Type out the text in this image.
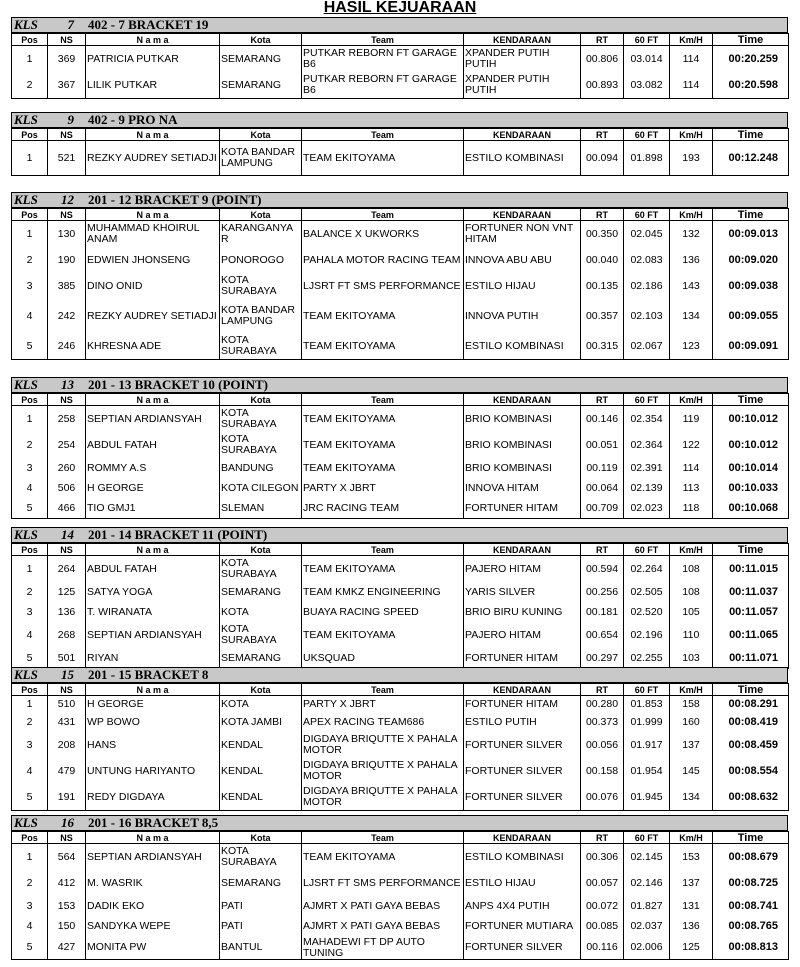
HASIL KEJUARAAN
KLS	7 402 - 7 BRACKET 19
Pos	NS	N a m a	Kota	Team	KENDARAAN	RT	60 FT	Km/H	Time
1	369	PATRICIA PUTKAR	SEMARANG	PUTKAR REBORN FT GARAGE B6	XPANDER PUTIH PUTIH	00.806	03.014	114	00:20.259
2	367	LILIK PUTKAR	SEMARANG	PUTKAR REBORN FT GARAGE B6	XPANDER PUTIH PUTIH	00.893	03.082	114	00:20.598
KLS	9 402 - 9 PRO NA
Pos	NS	N a m a	Kota	Team	KENDARAAN	RT	60 FT	Km/H	Time
1	521	REZKY AUDREY SETIADJI	KOTA BANDAR LAMPUNG	TEAM EKITOYAMA	ESTILO KOMBINASI	00.094	01.898	193	00:12.248
KLS 12 201 - 12 BRACKET 9 (POINT)
Pos	NS	N a m a	Kota	Team	KENDARAAN	RT	60 FT	Km/H	Time
1	130	MUHAMMAD KHOIRUL ANAM	KARANGANYA R	BALANCE X UKWORKS	FORTUNER NON VNT HITAM	00.350	02.045	132	00:09.013
2	190	EDWIEN JHONSENG	PONOROGO	PAHALA MOTOR RACING TEAM	INNOVA ABU ABU	00.040	02.083	136	00:09.020
3	385	DINO ONID	KOTA SURABAYA	LJSRT FT SMS PERFORMANCE	ESTILO HIJAU	00.135	02.186	143	00:09.038
4	242	REZKY AUDREY SETIADJI	KOTA BANDAR LAMPUNG	TEAM EKITOYAMA	INNOVA PUTIH	00.357	02.103	134	00:09.055
5	246	KHRESNA ADE	KOTA SURABAYA	TEAM EKITOYAMA	ESTILO KOMBINASI	00.315	02.067	123	00:09.091
KLS 13 201 - 13 BRACKET 10 (POINT)
Pos	NS	N a m a	Kota	Team	KENDARAAN	RT	60 FT	Km/H	Time
1	258	SEPTIAN ARDIANSYAH	KOTA SURABAYA	TEAM EKITOYAMA	BRIO KOMBINASI	00.146	02.354	119	00:10.012
2	254	ABDUL FATAH	KOTA SURABAYA	TEAM EKITOYAMA	BRIO KOMBINASI	00.051	02.364	122	00:10.012
3	260	ROMMY A.S	BANDUNG	TEAM EKITOYAMA	BRIO KOMBINASI	00.119	02.391	114	00:10.014
4	506	H GEORGE	KOTA CILEGON	PARTY X JBRT	INNOVA HITAM	00.064	02.139	113	00:10.033
5	466	TIO GMJ1	SLEMAN	JRC RACING TEAM	FORTUNER HITAM	00.709	02.023	118	00:10.068
KLS 14 201 - 14 BRACKET 11 (POINT)
Pos	NS	N a m a	Kota	Team	KENDARAAN	RT	60 FT	Km/H	Time
1	264	ABDUL FATAH	KOTA SURABAYA	TEAM EKITOYAMA	PAJERO HITAM	00.594	02.264	108	00:11.015
2	125	SATYA YOGA	SEMARANG	TEAM KMKZ ENGINEERING	YARIS SILVER	00.256	02.505	108	00:11.037
3	136	T. WIRANATA	KOTA	BUAYA RACING SPEED	BRIO BIRU KUNING	00.181	02.520	105	00:11.057
4	268	SEPTIAN ARDIANSYAH	KOTA SURABAYA	TEAM EKITOYAMA	PAJERO HITAM	00.654	02.196	110	00:11.065
5	501	RIYAN	SEMARANG	UKSQUAD	FORTUNER HITAM	00.297	02.255	103	00:11.071
KLS 15 201 - 15 BRACKET 8
Pos	NS	N a m a	Kota	Team	KENDARAAN	RT	60 FT	Km/H	Time
1	510	H GEORGE	KOTA	PARTY X JBRT	FORTUNER HITAM	00.280	01.853	158	00:08.291
2	431	WP BOWO	KOTA JAMBI	APEX RACING TEAM686	ESTILO PUTIH	00.373	01.999	160	00:08.419
3	208	HANS	KENDAL	DIGDAYA BRIQUTTE X PAHALA MOTOR	FORTUNER SILVER	00.056	01.917	137	00:08.459
4	479	UNTUNG HARIYANTO	KENDAL	DIGDAYA BRIQUTTE X PAHALA MOTOR	FORTUNER SILVER	00.158	01.954	145	00:08.554
5	191	REDY DIGDAYA	KENDAL	DIGDAYA BRIQUTTE X PAHALA MOTOR	FORTUNER SILVER	00.076	01.945	134	00:08.632
KLS 16 201 - 16 BRACKET 8,5
Pos	NS	N a m a	Kota	Team	KENDARAAN	RT	60 FT	Km/H	Time
1	564	SEPTIAN ARDIANSYAH	KOTA SURABAYA	TEAM EKITOYAMA	ESTILO KOMBINASI	00.306	02.145	153	00:08.679
2	412	M. WASRIK	SEMARANG	LJSRT FT SMS PERFORMANCE	ESTILO HIJAU	00.057	02.146	137	00:08.725
3	153	DADIK EKO	PATI	AJMRT X PATI GAYA BEBAS	ANPS 4X4 PUTIH	00.072	01.827	131	00:08.741
4	150	SANDYKA WEPE	PATI	AJMRT X PATI GAYA BEBAS	FORTUNER MUTIARA	00.085	02.037	136	00:08.765
5	427	MONITA PW	BANTUL	MAHADEWI FT DP AUTO TUNING	FORTUNER SILVER	00.116	02.006	125	00:08.813
